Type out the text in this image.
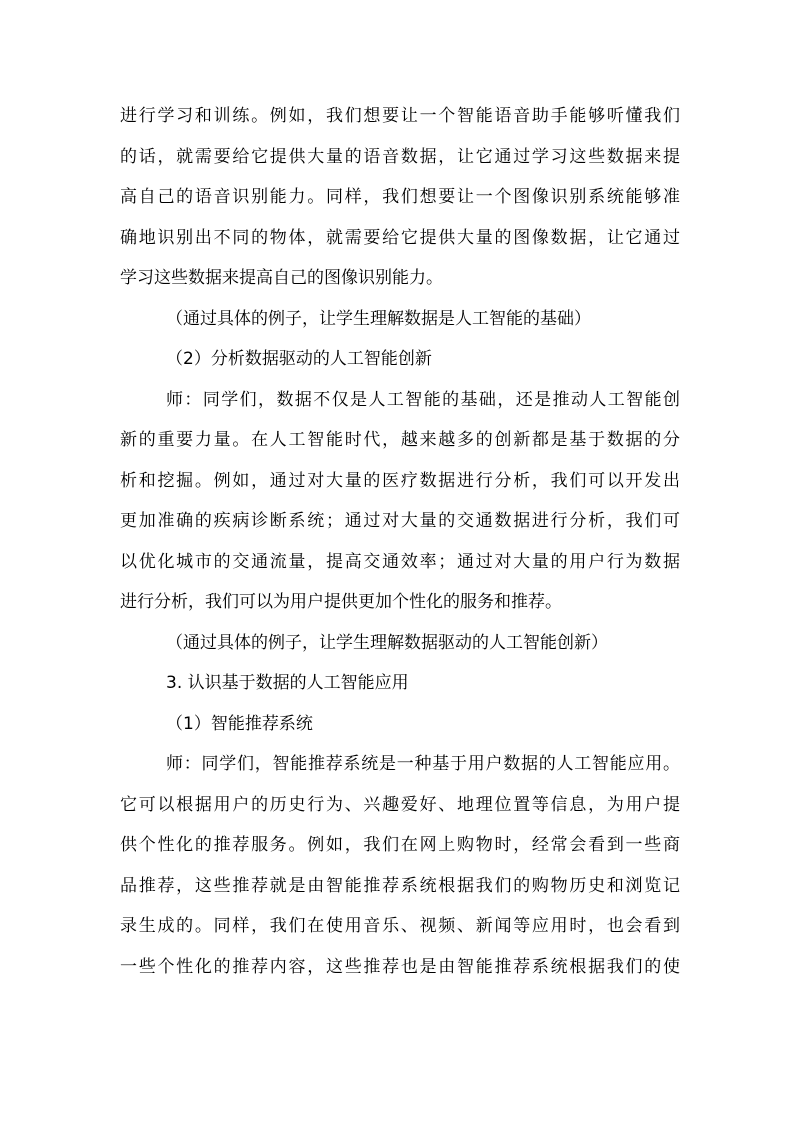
进行学习和训练。例如，我们想要让一个智能语音助手能够听懂我们
的话，就需要给它提供大量的语音数据，让它通过学习这些数据来提
高自己的语音识别能力。同样，我们想要让一个图像识别系统能够准
确地识别出不同的物体，就需要给它提供大量的图像数据，让它通过
学习这些数据来提高自己的图像识别能力。
（通过具体的例子，让学生理解数据是人工智能的基础）
（2）分析数据驱动的人工智能创新
师：同学们，数据不仅是人工智能的基础，还是推动人工智能创
新的重要力量。在人工智能时代，越来越多的创新都是基于数据的分
析和挖掘。例如，通过对大量的医疗数据进行分析，我们可以开发出
更加准确的疾病诊断系统；通过对大量的交通数据进行分析，我们可
以优化城市的交通流量，提高交通效率；通过对大量的用户行为数据
进行分析，我们可以为用户提供更加个性化的服务和推荐。
（通过具体的例子，让学生理解数据驱动的人工智能创新）
3. 认识基于数据的人工智能应用
（1）智能推荐系统
师：同学们，智能推荐系统是一种基于用户数据的人工智能应用。
它可以根据用户的历史行为、兴趣爱好、地理位置等信息，为用户提
供个性化的推荐服务。例如，我们在网上购物时，经常会看到一些商
品推荐，这些推荐就是由智能推荐系统根据我们的购物历史和浏览记
录生成的。同样，我们在使用音乐、视频、新闻等应用时，也会看到
一些个性化的推荐内容，这些推荐也是由智能推荐系统根据我们的使
